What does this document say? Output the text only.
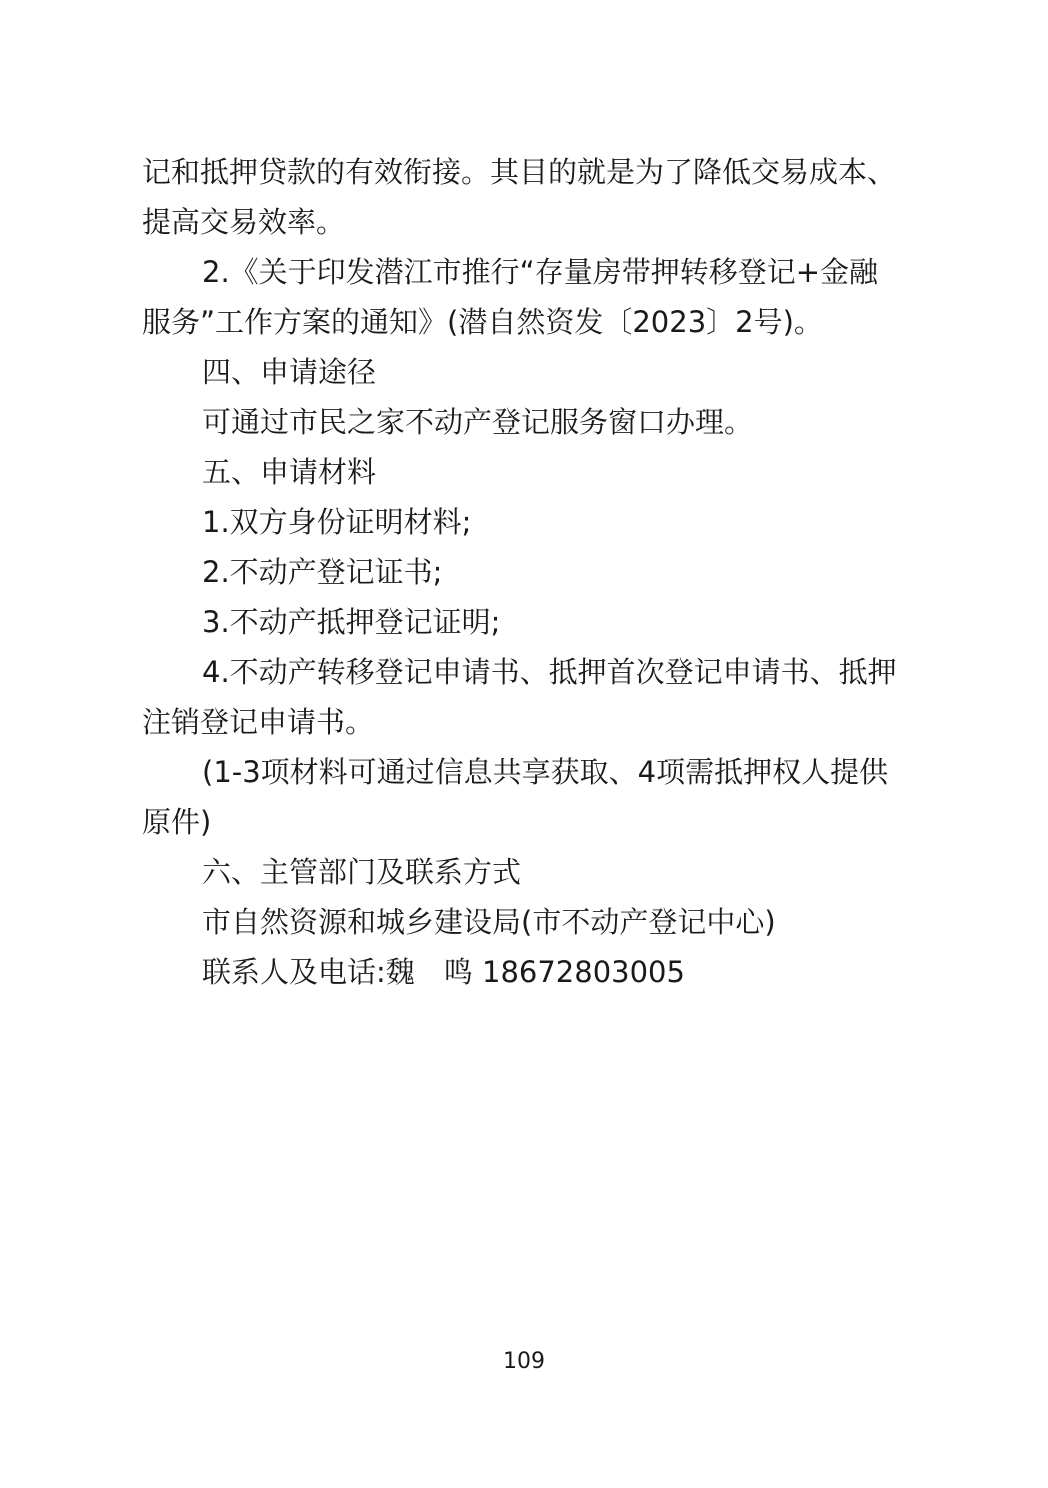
记和抵押贷款的有效衔接。其目的就是为了降低交易成本、

提高交易效率。

2.《关于印发潜江市推行“存量房带押转移登记+金融

服务”工作方案的通知》(潜自然资发〔2023〕2号)。

四、申请途径

可通过市民之家不动产登记服务窗口办理。

五、申请材料

1.双方身份证明材料;

2.不动产登记证书;

3.不动产抵押登记证明;

4.不动产转移登记申请书、抵押首次登记申请书、抵押

注销登记申请书。

(1-3项材料可通过信息共享获取、4项需抵押权人提供

原件)

六、主管部门及联系方式

市自然资源和城乡建设局(市不动产登记中心)

联系人及电话:魏　鸣 18672803005

109
